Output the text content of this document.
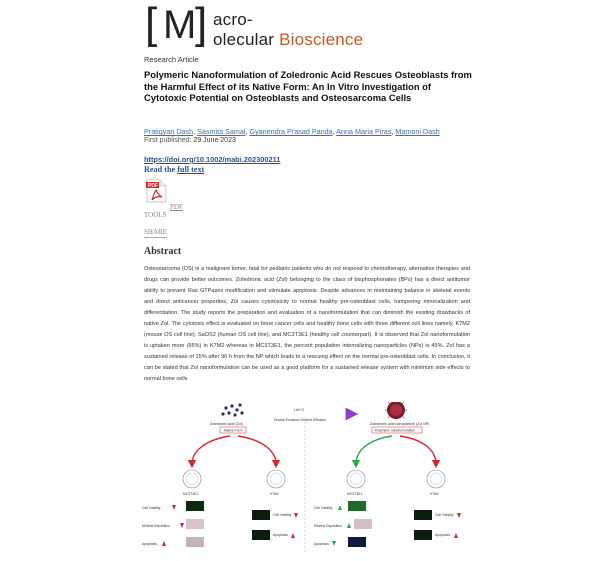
[ M
] acro-
olecular Bioscience
Research Article
Polymeric Nanoformulation of Zoledronic Acid Rescues Osteoblasts from the Harmful Effect of its Native Form: An In Vitro Investigation of Cytotoxic Potential on Osteoblasts and Osteosarcoma Cells
Pratigyan Dash, Sasmita Samal, Gyanendra Prasad Panda, Anna Maria Piras, Mamoni Dash
First published: 29 June 2023
https://doi.org/10.1002/mabi.202300211
Read the full text
PDF
PDF
TOOLS
SHARE
Abstract
Osteosarcoma (OS) is a malignant tumor, fatal for pediatric patients who do not respond to chemotherapy, alternative therapies and drugs can provide better outcomes. Zoledronic acid (Zol) belonging to the class of bisphosphonates (BPs) has a direct antitumor ability to prevent Ras GTPases modification and stimulate apoptosis. Despite advances in maintaining balance in skeletal events and direct anticancer properties, Zol causes cytotoxicity to normal healthy pre-osteoblast cells, hampering mineralization and differentiation. The study reports the preparation and evaluation of a nanoformulation that can diminish the existing drawbacks of native Zol. The cytotoxic effect is evaluated on bone cancer cells and healthy bone cells with three different cell lines namely, K7M2 (mouse OS cell line), SaOS2 (human OS cell line), and MC3T3E1 (healthy cell counterpart). It is observed that Zol nanoformulation is uptaken more (95%) in K7M2 whereas in MC3T3E1, the percent population internalizing nanoparticles (NPs) is 45%. Zol has a sustained release of 15% after 96 h from the NP which leads to a rescuing effect on the normal pre-osteoblast cells. In conclusion, it can be stated that Zol nanoformulation can be used as a good platform for a sustained release system with minimum side effects to normal bone cells
Zoledronic acid (Zol)
Native Form
LbS O
Double Emulsion Solvent Diffusion
Zoledronic acid nanoparticle (Zol NP)
Polymeric nanoformulation
MC3T3E1	K7M2	MC3T3E1	K7M2
Cell Viability
Mineral Deposition
Apoptosis
Cell Viability
Apoptosis
Cell Viability
Mineral Deposition
Apoptosis
Cell Viability
Apoptosis
